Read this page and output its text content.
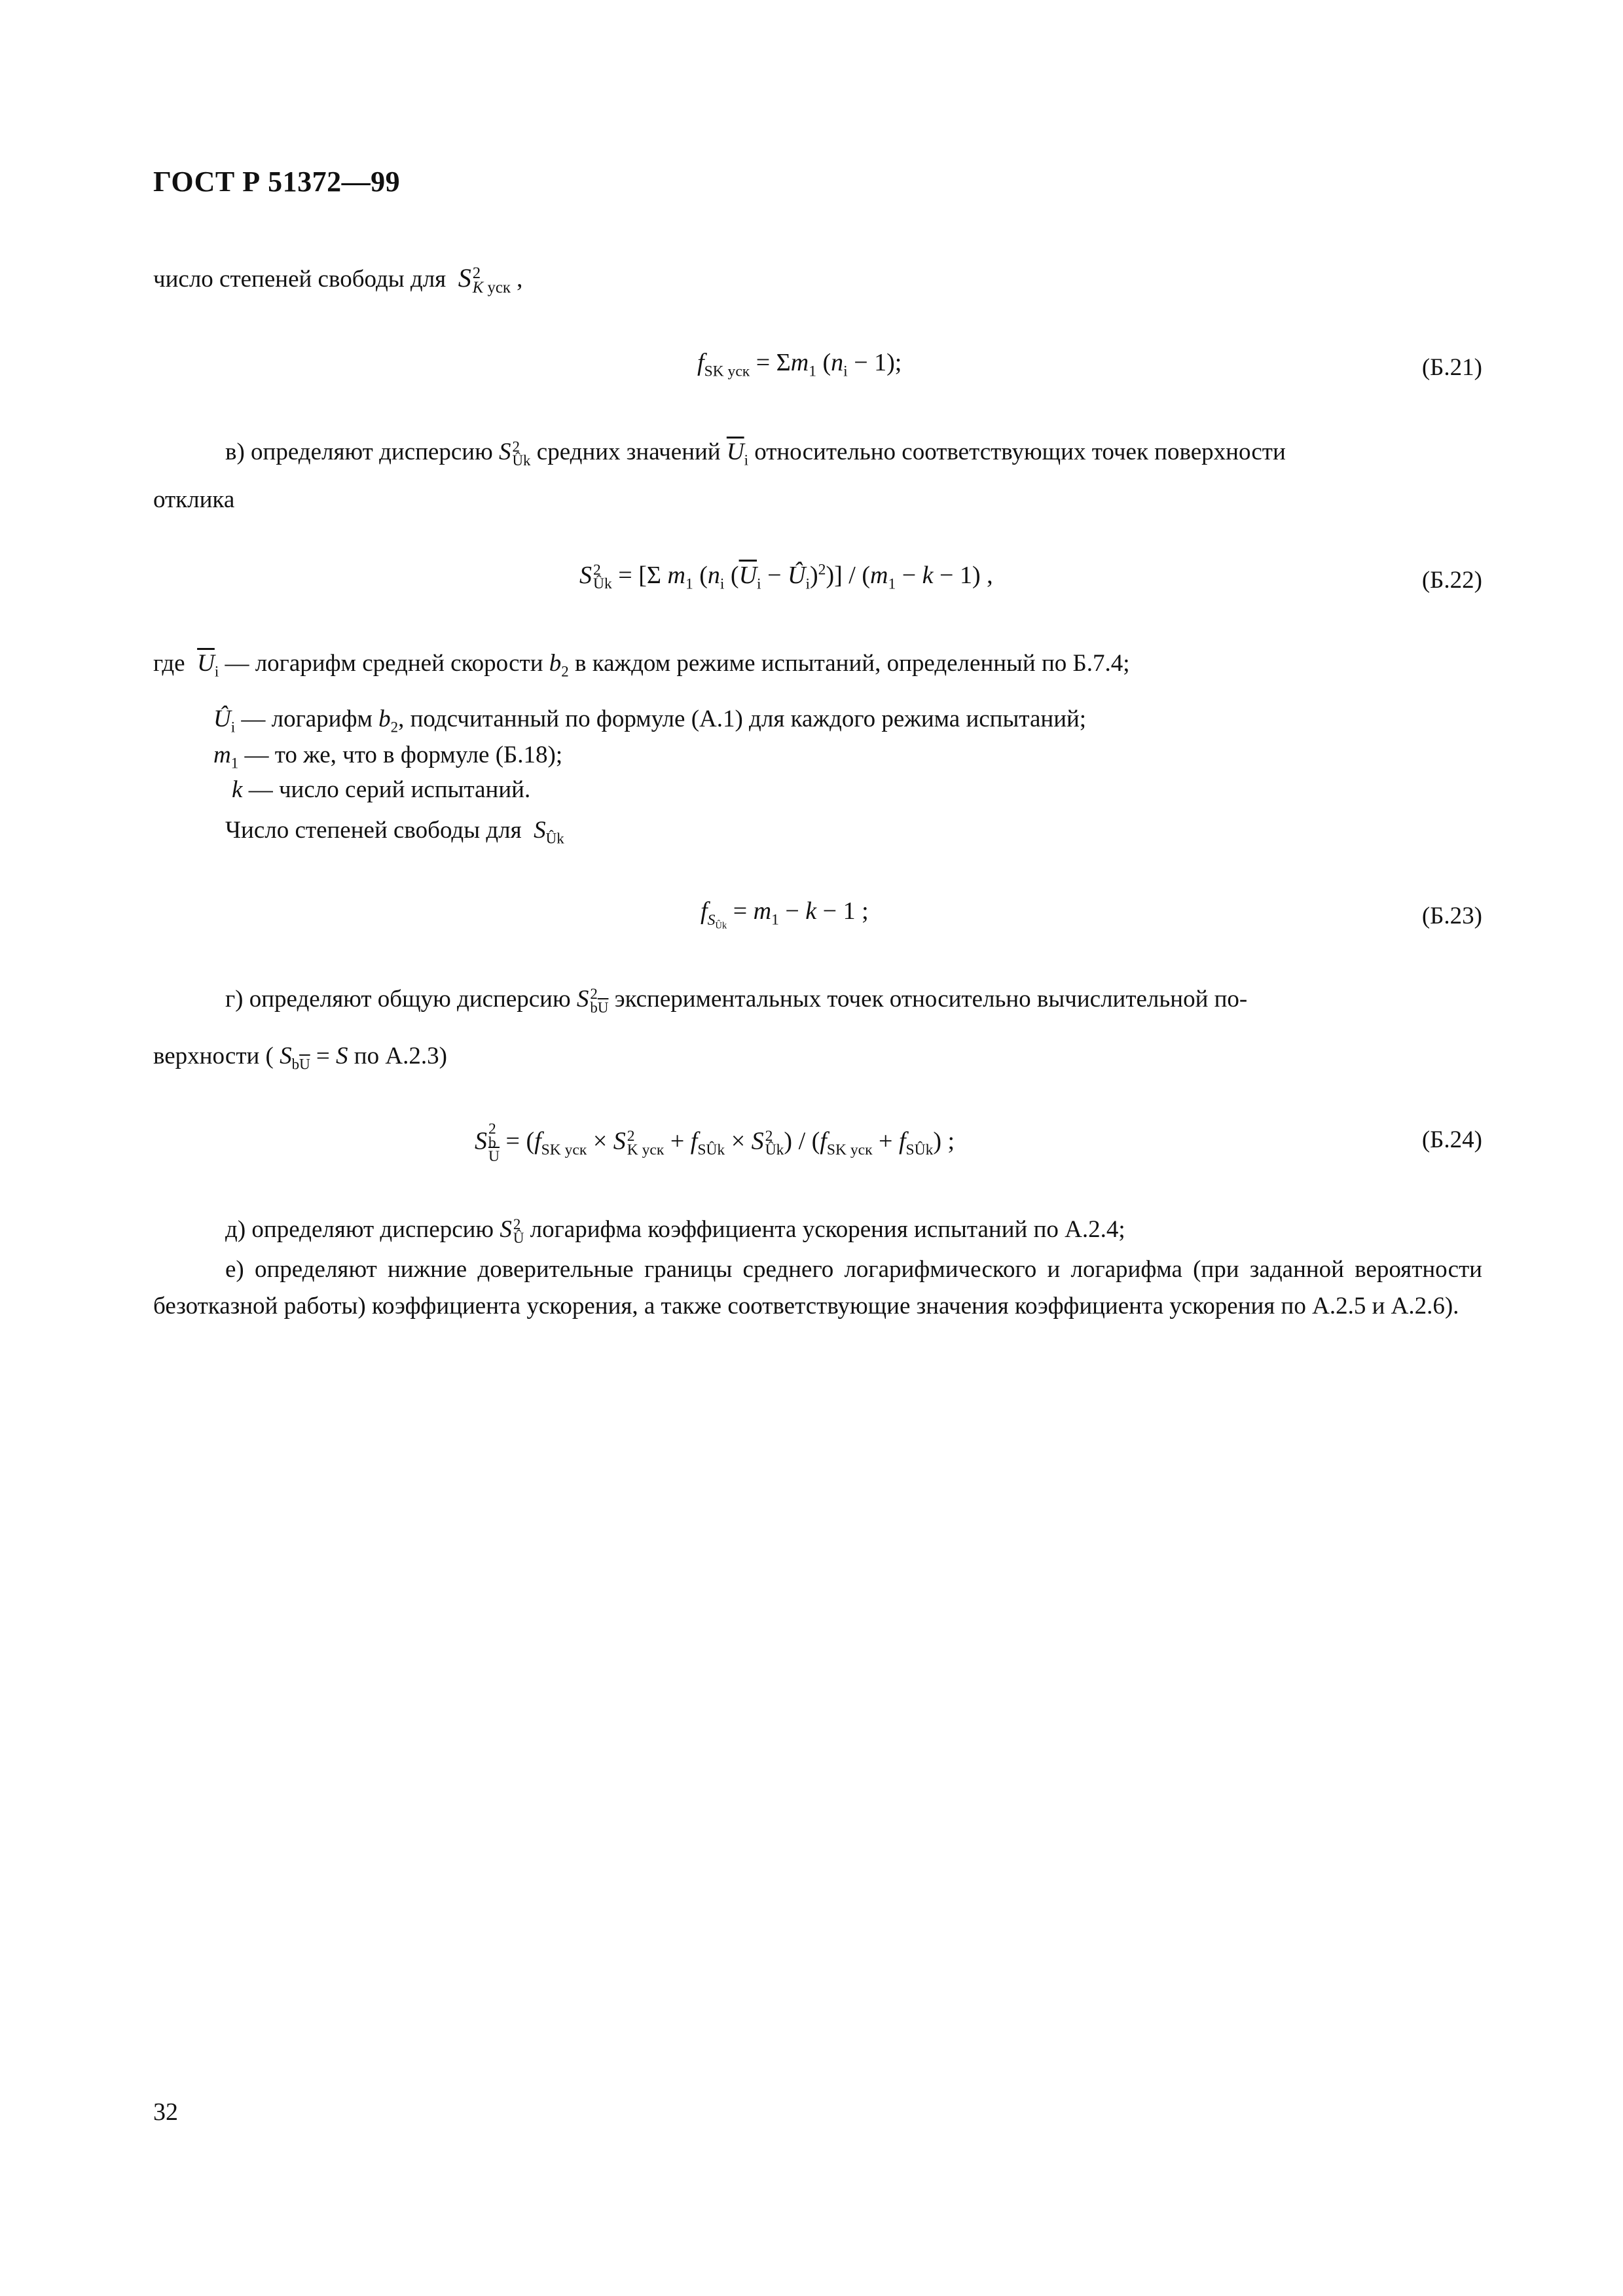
ГОСТ Р 51372—99
число степеней свободы для S 2
K уск ,
$f_{SK уск} = \Sigma m_1$ $(n_i - 1)$;	(Б.21)
в) определяют дисперсию S 2
Ûk средних значений $\overline{U}_i$ относительно соответствующих точек поверхности
отклика
S 2
Ûk = [Σ $m_1$ ($n_i$ ($\overline{U}_i$ − $Û_i)^2)] / (m_1 - k - 1)$ ,	(Б.22)
где $\overline{U}_i$ — логарифм средней скорости $b_2$ в каждом режиме испытаний, определенный по Б.7.4;
$Û_i$ — логарифм $b_2$, подсчитанный по формуле (А.1) для каждого режима испытаний;
$m_1$ — то же, что в формуле (Б.18);
k — число серий испытаний.
Число степеней свободы для $S_{Ûk}$
$f_{S_{Ûk}} = m_1 - k - 1$ ;	(Б.23)
г) определяют общую дисперсию S 2
$b\overline{U}$ экспериментальных точек относительно вычислительной по-
верхности ( $S_{b\overline{U}} = S$ по А.2.3)
S 2
b
$\overline{U}$
= ($f_{SK уск} \times S$ 2
K уск + $f_{SÛk} \times S$ 2
Ûk ) / $(f_{SK уск} + f_{SÛk})$ ;	(Б.24)
д) определяют дисперсию S 2
Û логарифма коэффициента ускорения испытаний по А.2.4;
е) определяют нижние доверительные границы среднего логарифмического и логарифма (при заданной вероятности безотказной работы) коэффициента ускорения, а также соответствующие значения коэффициента ускорения по А.2.5 и А.2.6).
32
